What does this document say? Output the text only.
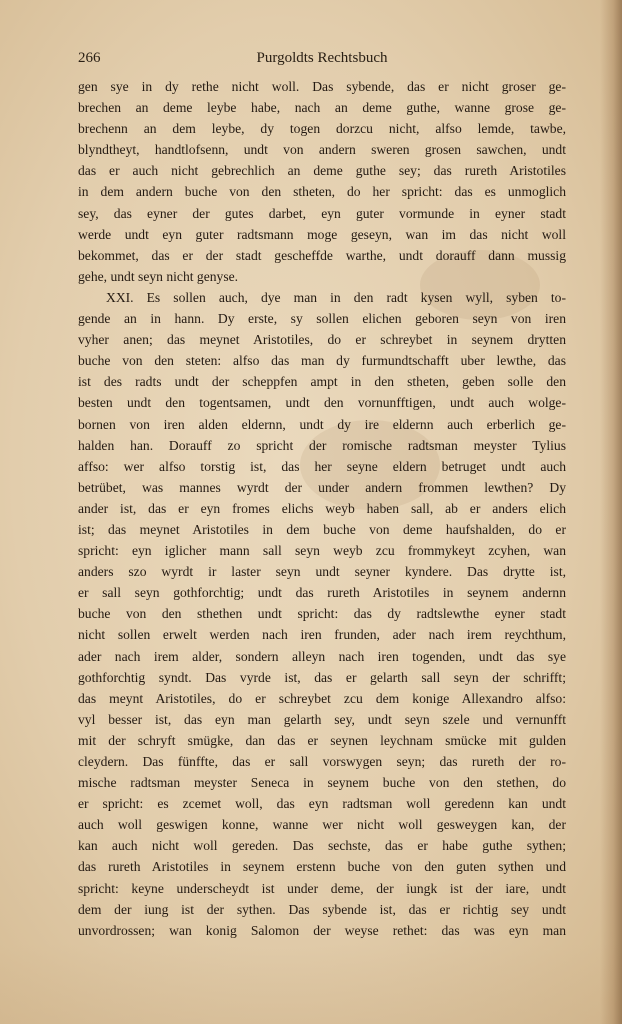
266	Purgoldts Rechtsbuch
gen sye in dy rethe nicht woll. Das sybende, das er nicht groser ge-
brechen an deme leybe habe, nach an deme guthe, wanne grose ge-
brechenn an dem leybe, dy togen dorzcu nicht, alfso lemde, tawbe,
blyndtheyt, handtlofsenn, undt von andern sweren grosen sawchen, undt
das er auch nicht gebrechlich an deme guthe sey; das rureth Aristotiles
in dem andern buche von den stheten, do her spricht: das es unmoglich
sey, das eyner der gutes darbet, eyn guter vormunde in eyner stadt
werde undt eyn guter radtsmann moge geseyn, wan im das nicht woll
bekommet, das er der stadt gescheffde warthe, undt dorauff dann mussig
gehe, undt seyn nicht genyse.
XXI. Es sollen auch, dye man in den radt kysen wyll, syben to-
gende an in hann. Dy erste, sy sollen elichen geboren seyn von iren
vyher anen; das meynet Aristotiles, do er schreybet in seynem drytten
buche von den steten: alfso das man dy furmundtschafft uber lewthe, das
ist des radts undt der scheppfen ampt in den stheten, geben solle den
besten undt den togentsamen, undt den vornunfftigen, undt auch wolge-
bornen von iren alden eldernn, undt dy ire eldernn auch erberlich ge-
halden han. Dorauff zo spricht der romische radtsman meyster Tylius
affso: wer alfso torstig ist, das her seyne eldern betruget undt auch
betrübet, was mannes wyrdt der under andern frommen lewthen? Dy
ander ist, das er eyn fromes elichs weyb haben sall, ab er anders elich
ist; das meynet Aristotiles in dem buche von deme haufshalden, do er
spricht: eyn iglicher mann sall seyn weyb zcu frommykeyt zcyhen, wan
anders szo wyrdt ir laster seyn undt seyner kyndere. Das drytte ist,
er sall seyn gothforchtig; undt das rureth Aristotiles in seynem andernn
buche von den sthethen undt spricht: das dy radtslewthe eyner stadt
nicht sollen erwelt werden nach iren frunden, ader nach irem reychthum,
ader nach irem alder, sondern alleyn nach iren togenden, undt das sye
gothforchtig syndt. Das vyrde ist, das er gelarth sall seyn der schrifft;
das meynt Aristotiles, do er schreybet zcu dem konige Allexandro alfso:
vyl besser ist, das eyn man gelarth sey, undt seyn szele und vernunfft
mit der schryft smügke, dan das er seynen leychnam smücke mit gulden
cleydern. Das fünffte, das er sall vorswygen seyn; das rureth der ro-
mische radtsman meyster Seneca in seynem buche von den stethen, do
er spricht: es zcemet woll, das eyn radtsman woll geredenn kan undt
auch woll geswigen konne, wanne wer nicht woll gesweygen kan, der
kan auch nicht woll gereden. Das sechste, das er habe guthe sythen;
das rureth Aristotiles in seynem erstenn buche von den guten sythen und
spricht: keyne underscheydt ist under deme, der iungk ist der iare, undt
dem der iung ist der sythen. Das sybende ist, das er richtig sey undt
unvordrossen; wan konig Salomon der weyse rethet: das was eyn man
